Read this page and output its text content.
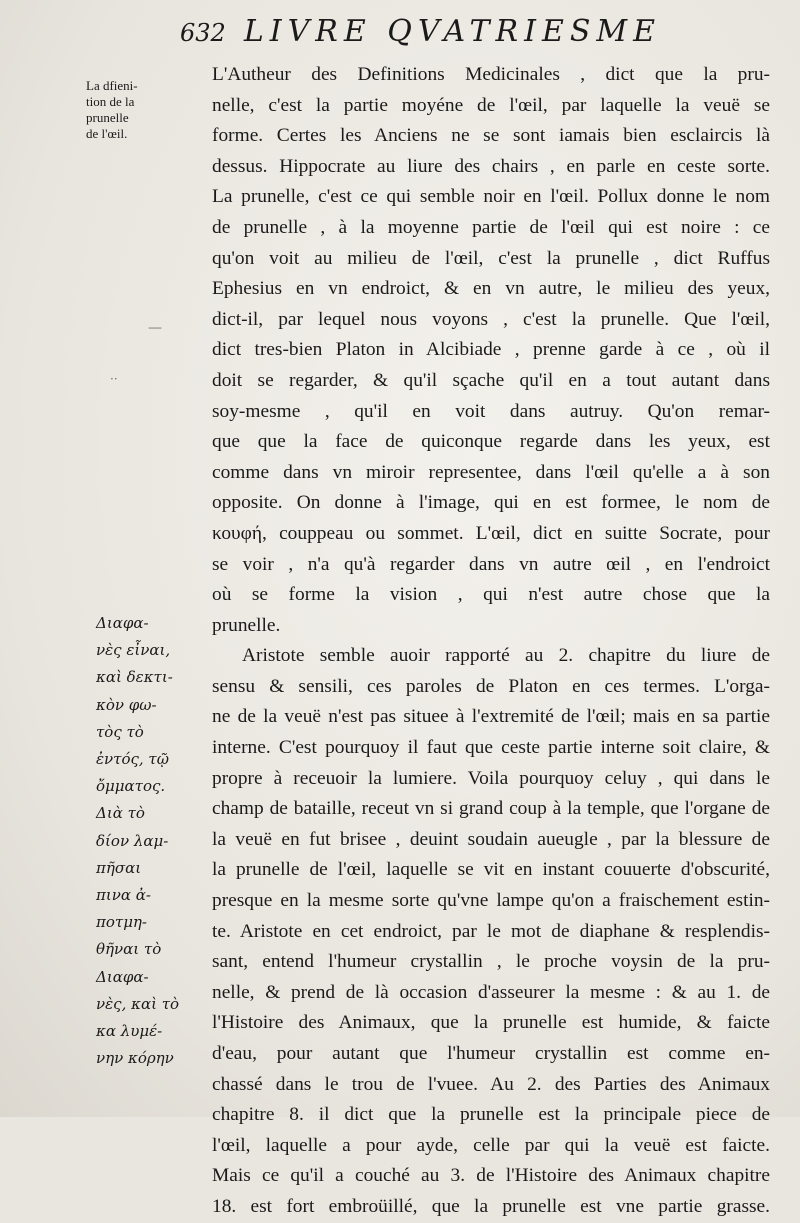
632 LIVRE QVATRIESME
La dfieni-
tion de la
prunelle
de l'œil.
—
··
Διαφα-
νὲς εἶναι,
καὶ δεκτι-
κὸν φω-
τὸς τὸ
ἐντός, τῷ
ὄμματος.
Διὰ τὸ
δίον λαμ-
πῆσαι
πινα ἀ-
ποτμη-
θῆναι τὸ
Διαφα-
νὲς, καὶ τὸ
κα λυμέ-
νην κόρην
L'Autheur des Definitions Medicinales , dict que la pru-
nelle, c'est la partie moyéne de l'œil, par laquelle la veuë se
forme. Certes les Anciens ne se sont iamais bien esclaircis là
dessus. Hippocrate au liure des chairs , en parle en ceste sorte.
La prunelle, c'est ce qui semble noir en l'œil. Pollux donne le nom
de prunelle , à la moyenne partie de l'œil qui est noire : ce
qu'on voit au milieu de l'œil, c'est la prunelle , dict Ruffus
Ephesius en vn endroict, & en vn autre, le milieu des yeux,
dict-il, par lequel nous voyons , c'est la prunelle. Que l'œil,
dict tres-bien Platon in Alcibiade , prenne garde à ce , où il
doit se regarder, & qu'il sçache qu'il en a tout autant dans
soy-mesme , qu'il en voit dans autruy. Qu'on remar-
que que la face de quiconque regarde dans les yeux, est
comme dans vn miroir representee, dans l'œil qu'elle a à son
opposite. On donne à l'image, qui en est formee, le nom de
κουφή, couppeau ou sommet. L'œil, dict en suitte Socrate, pour
se voir , n'a qu'à regarder dans vn autre œil , en l'endroict
où se forme la vision , qui n'est autre chose que la
prunelle.
Aristote semble auoir rapporté au 2. chapitre du liure de
sensu & sensili, ces paroles de Platon en ces termes. L'orga-
ne de la veuë n'est pas situee à l'extremité de l'œil; mais en sa partie
interne. C'est pourquoy il faut que ceste partie interne soit claire, &
propre à receuoir la lumiere. Voila pourquoy celuy , qui dans le
champ de bataille, receut vn si grand coup à la temple, que l'organe de
la veuë en fut brisee , deuint soudain aueugle , par la blessure de
la prunelle de l'œil, laquelle se vit en instant couuerte d'obscurité,
presque en la mesme sorte qu'vne lampe qu'on a fraischement estin-
te. Aristote en cet endroict, par le mot de diaphane & resplendis-
sant, entend l'humeur crystallin , le proche voysin de la pru-
nelle, & prend de là occasion d'asseurer la mesme : & au 1. de
l'Histoire des Animaux, que la prunelle est humide, & faicte
d'eau, pour autant que l'humeur crystallin est comme en-
chassé dans le trou de l'vuee. Au 2. des Parties des Animaux
chapitre 8. il dict que la prunelle est la principale piece de
l'œil, laquelle a pour ayde, celle par qui la veuë est faicte.
Mais ce qu'il a couché au 3. de l'Histoire des Animaux chapitre
18. est fort embroüillé, que la prunelle est vne partie grasse.
